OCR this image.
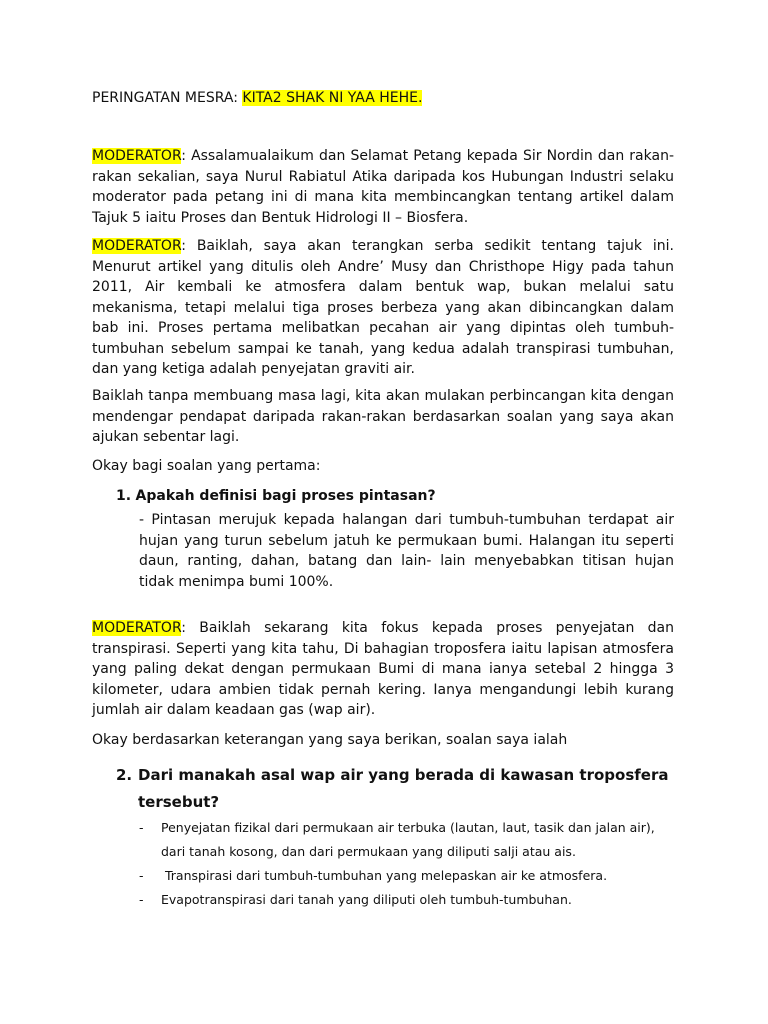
PERINGATAN MESRA: KITA2 SHAK NI YAA HEHE.

MODERATOR: Assalamualaikum dan Selamat Petang kepada Sir Nordin dan rakan-rakan sekalian, saya Nurul Rabiatul Atika daripada kos Hubungan Industri selaku moderator pada petang ini di mana kita membincangkan tentang artikel dalam Tajuk 5 iaitu Proses dan Bentuk Hidrologi II – Biosfera.

MODERATOR: Baiklah, saya akan terangkan serba sedikit tentang tajuk ini. Menurut artikel yang ditulis oleh Andre’ Musy dan Christhope Higy pada tahun 2011, Air kembali ke atmosfera dalam bentuk wap, bukan melalui satu mekanisma, tetapi melalui tiga proses berbeza yang akan dibincangkan dalam bab ini. Proses pertama melibatkan pecahan air yang dipintas oleh tumbuh-tumbuhan sebelum sampai ke tanah, yang kedua adalah transpirasi tumbuhan, dan yang ketiga adalah penyejatan graviti air.

Baiklah tanpa membuang masa lagi, kita akan mulakan perbincangan kita dengan mendengar pendapat daripada rakan-rakan berdasarkan soalan yang saya akan ajukan sebentar lagi.

Okay bagi soalan yang pertama:

1. Apakah definisi bagi proses pintasan?

- Pintasan merujuk kepada halangan dari tumbuh-tumbuhan terdapat air hujan yang turun sebelum jatuh ke permukaan bumi. Halangan itu seperti daun, ranting, dahan, batang dan lain- lain menyebabkan titisan hujan tidak menimpa bumi 100%.

MODERATOR: Baiklah sekarang kita fokus kepada proses penyejatan dan transpirasi. Seperti yang kita tahu, Di bahagian troposfera iaitu lapisan atmosfera yang paling dekat dengan permukaan Bumi di mana ianya setebal 2 hingga 3 kilometer, udara ambien tidak pernah kering. Ianya mengandungi lebih kurang jumlah air dalam keadaan gas (wap air).

Okay berdasarkan keterangan yang saya berikan, soalan saya ialah

2. Dari manakah asal wap air yang berada di kawasan troposfera
tersebut?
-	Penyejatan fizikal dari permukaan air terbuka (lautan, laut, tasik dan jalan air),
dari tanah kosong, dan dari permukaan yang diliputi salji atau ais.
-	Transpirasi dari tumbuh-tumbuhan yang melepaskan air ke atmosfera.
-	Evapotranspirasi dari tanah yang diliputi oleh tumbuh-tumbuhan.
